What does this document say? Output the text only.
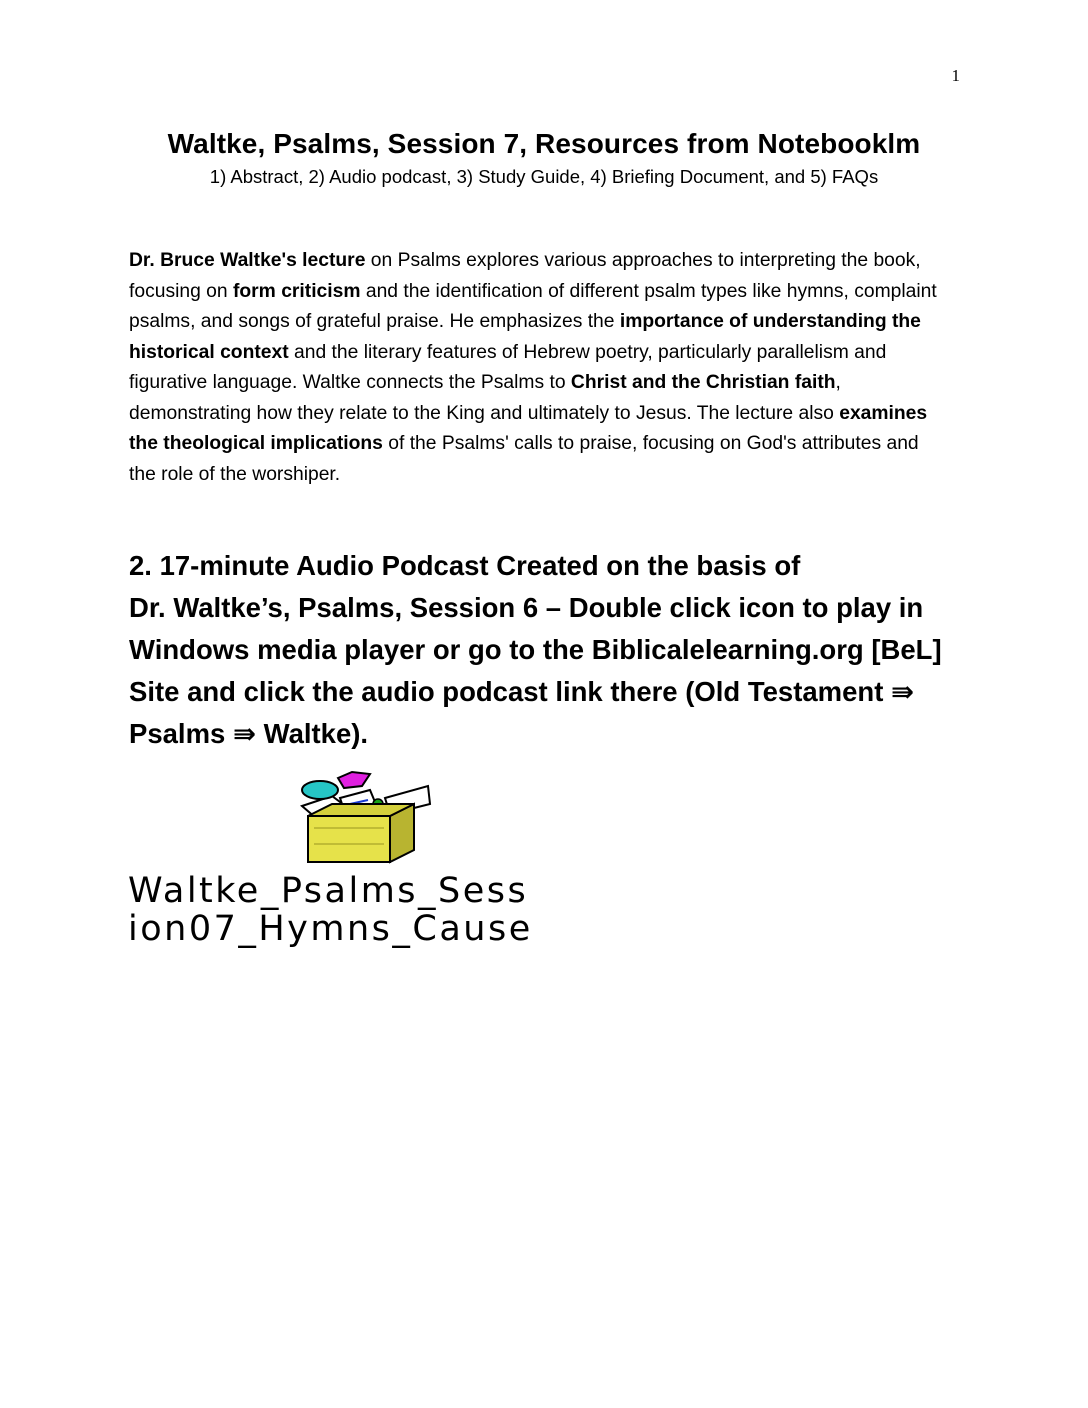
1
Waltke, Psalms, Session 7, Resources from Notebooklm
1) Abstract, 2) Audio podcast, 3) Study Guide, 4) Briefing Document, and 5) FAQs

Dr. Bruce Waltke's lecture on Psalms explores various approaches to interpreting the book, focusing on form criticism and the identification of different psalm types like hymns, complaint psalms, and songs of grateful praise. He emphasizes the importance of understanding the historical context and the literary features of Hebrew poetry, particularly parallelism and figurative language. Waltke connects the Psalms to Christ and the Christian faith, demonstrating how they relate to the King and ultimately to Jesus. The lecture also examines the theological implications of the Psalms' calls to praise, focusing on God's attributes and the role of the worshiper.

2. 17-minute Audio Podcast Created on the basis of
Dr. Waltke’s, Psalms, Session 6 – Double click icon to play in
Windows media player or go to the Biblicalelearning.org [BeL]
Site and click the audio podcast link there (Old Testament ⇛
Psalms ⇛ Waltke).
Waltke_Psalms_Sess
ion07_Hymns_Cause
